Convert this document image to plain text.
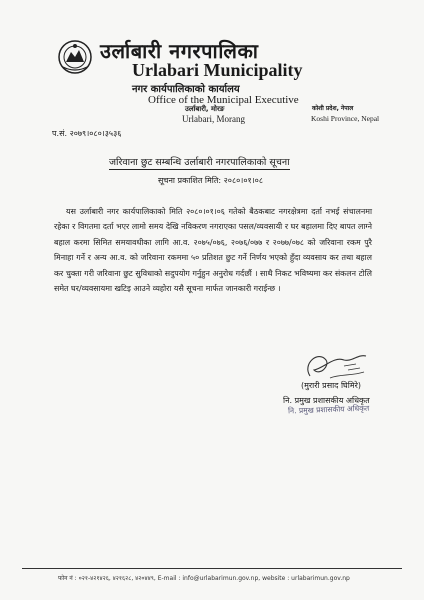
उर्लाबारी नगरपालिका
Urlabari Municipality
नगर कार्यपालिकाको कार्यालय
Office of the Municipal Executive
उर्लाबारी, मोरङ
Urlabari, Morang
कोशी प्रदेश, नेपाल
Koshi Province, Nepal
प.सं. २०७९।०८०।३५३६
जरिवाना छुट सम्बन्धि उर्लाबारी नगरपालिकाको सूचना
सूचना प्रकाशित मिति: २०८०।०१।०८
यस उर्लाबारी नगर कार्यपालिकाको मिति २०८०।०१।०६ गतेको बैठकबाट नगरक्षेत्रमा दर्ता नभई संचालनमा रहेका र विगतमा दर्ता भएर लामो समय देखि नविकरण नगराएका पसल/व्यवसायी र घर बहालमा दिए बापत लाग्ने बहाल करमा सिमित समयावधीका लागि आ.व. २०७५/०७६, २०७६/०७७ र २०७७/०७८ को जरिवाना रकम पुरै मिनाहा गर्ने र अन्य आ.व. को जरिवाना रकममा ५० प्रतिशत छुट गर्ने निर्णय भएको हुँदा व्यवसाय कर तथा बहाल कर चुक्ता गरी जरिवाना छुट सुविधाको सदुपयोग गर्नुहुन अनुरोध गर्दछौं । साथै निकट भविष्यमा कर संकलन टोलि समेत घर/व्यवसायमा खटिइ आउने व्यहोरा यसै सूचना मार्फत जानकारी गराईन्छ ।
(मुरारी प्रसाद घिमिरे)
नि. प्रमुख प्रशासकीय अधिकृत
नि. प्रमुख प्रशासकीय अधिकृत
फोन नं : ०२१-४२१४२६, ४२१६२८, ४२०४४९, E-mail : info@urlabarimun.gov.np, website : urlabarimun.gov.np
